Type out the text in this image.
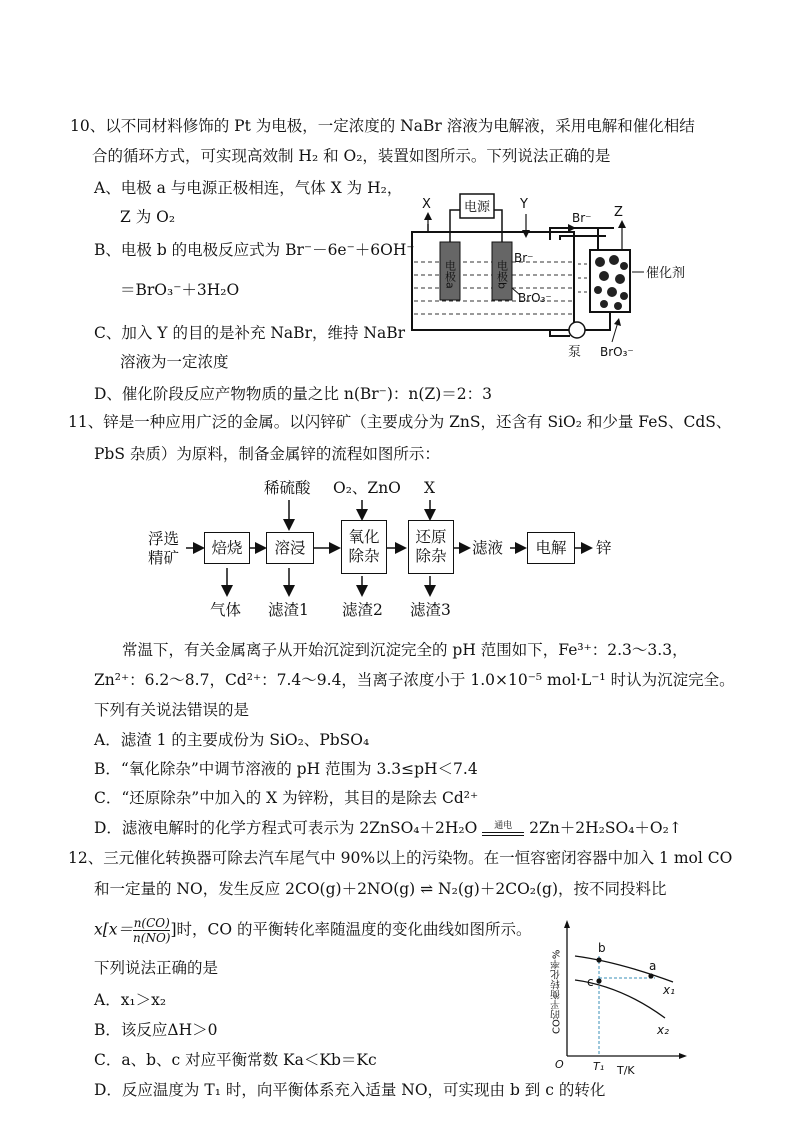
10、以不同材料修饰的 Pt 为电极，一定浓度的 NaBr 溶液为电解液，采用电解和催化相结
合的循环方式，可实现高效制 H₂ 和 O₂，装置如图所示。下列说法正确的是
A、电极 a 与电源正极相连，气体 X 为 H₂，
Z 为 O₂
B、电极 b 的电极反应式为 Br⁻－6e⁻＋6OH⁻
＝BrO₃⁻＋3H₂O
C、加入 Y 的目的是补充 NaBr，维持 NaBr
溶液为一定浓度
D、催化阶段反应产物物质的量之比 n(Br⁻)：n(Z)＝2：3
电极a	电极b
电源
X	Y
Br⁻
BrO₃⁻
Br⁻ Z
催化剂
泵 BrO₃⁻
11、锌是一种应用广泛的金属。以闪锌矿（主要成分为 ZnS，还含有 SiO₂ 和少量 FeS、CdS、
PbS 杂质）为原料，制备金属锌的流程如图所示：
浮选精矿
焙烧	溶浸
氧化除杂
还原除杂	滤液	电解	锌
稀硫酸 O₂、ZnO X
气体 滤渣1 滤渣2 滤渣3
常温下，有关金属离子从开始沉淀到沉淀完全的 pH 范围如下，Fe³⁺：2.3～3.3，
Zn²⁺：6.2～8.7，Cd²⁺：7.4～9.4，当离子浓度小于 1.0×10⁻⁵ mol·L⁻¹ 时认为沉淀完全。
下列有关说法错误的是
A．滤渣 1 的主要成份为 SiO₂、PbSO₄
B．“氧化除杂”中调节溶液的 pH 范围为 3.3≤pH＜7.4
C．“还原除杂”中加入的 X 为锌粉，其目的是除去 Cd²⁺
D．滤液电解时的化学方程式可表示为 2ZnSO₄＋2H₂O	通电 2Zn＋2H₂SO₄＋O₂↑
12、三元催化转换器可除去汽车尾气中 90%以上的污染物。在一恒容密闭容器中加入 1 mol CO
和一定量的 NO，发生反应 2CO(g)＋2NO(g) ⇌ N₂(g)＋2CO₂(g)，按不同投料比
$x[x= \frac{n(CO)}{n(NO)}$ ]时，CO 的平衡转化率随温度的变化曲线如图所示。
下列说法正确的是
A．x₁＞x₂
B．该反应ΔH＞0
C．a、b、c 对应平衡常数 Ka＜Kb＝Kc
D．反应温度为 T₁ 时，向平衡体系充入适量 NO，可实现由 b 到 c 的转化
CO的平衡转化率%
O	T₁ T/K
b
c
a
x₁
x₂
